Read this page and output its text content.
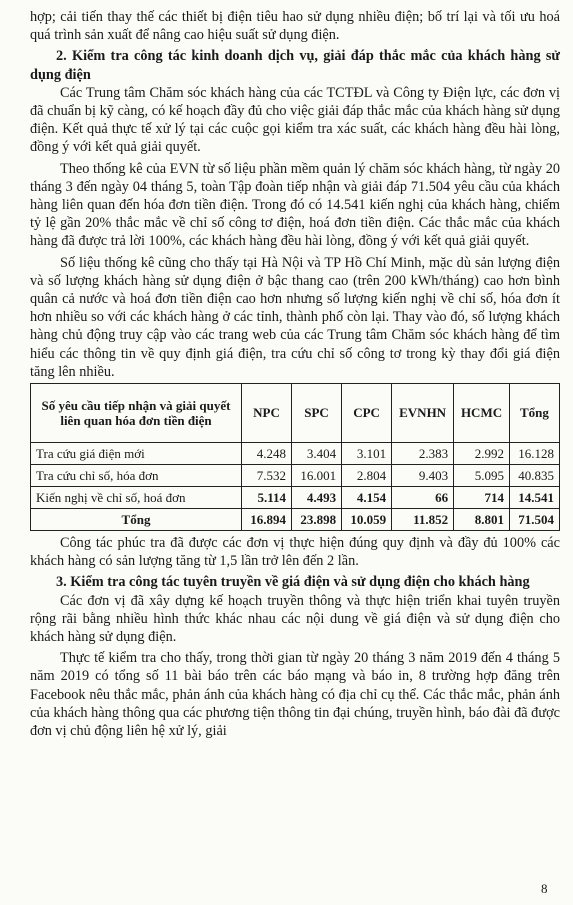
hợp; cải tiến thay thế các thiết bị điện tiêu hao sử dụng nhiều điện; bố trí lại và tối ưu hoá quá trình sản xuất để nâng cao hiệu suất sử dụng điện.

2. Kiểm tra công tác kinh doanh dịch vụ, giải đáp thắc mắc của khách hàng sử dụng điện

Các Trung tâm Chăm sóc khách hàng của các TCTĐL và Công ty Điện lực, các đơn vị đã chuẩn bị kỹ càng, có kế hoạch đầy đủ cho việc giải đáp thắc mắc của khách hàng sử dụng điện. Kết quả thực tế xử lý tại các cuộc gọi kiểm tra xác suất, các khách hàng đều hài lòng, đồng ý với kết quả giải quyết.

Theo thống kê của EVN từ số liệu phần mềm quản lý chăm sóc khách hàng, từ ngày 20 tháng 3 đến ngày 04 tháng 5, toàn Tập đoàn tiếp nhận và giải đáp 71.504 yêu cầu của khách hàng liên quan đến hóa đơn tiền điện. Trong đó có 14.541 kiến nghị của khách hàng, chiếm tỷ lệ gần 20% thắc mắc về chỉ số công tơ điện, hoá đơn tiền điện. Các thắc mắc của khách hàng đã được trả lời 100%, các khách hàng đều hài lòng, đồng ý với kết quả giải quyết.

Số liệu thống kê cũng cho thấy tại Hà Nội và TP Hồ Chí Minh, mặc dù sản lượng điện và số lượng khách hàng sử dụng điện ở bậc thang cao (trên 200 kWh/tháng) cao hơn bình quân cả nước và hoá đơn tiền điện cao hơn nhưng số lượng kiến nghị về chỉ số, hóa đơn ít hơn nhiều so với các khách hàng ở các tỉnh, thành phố còn lại. Thay vào đó, số lượng khách hàng chủ động truy cập vào các trang web của các Trung tâm Chăm sóc khách hàng để tìm hiểu các thông tin về quy định giá điện, tra cứu chỉ số công tơ trong kỳ thay đổi giá điện tăng lên nhiều.

Số yêu cầu tiếp nhận và giải quyết liên quan hóa đơn tiền điện	NPC	SPC	CPC	EVNHN	HCMC	Tổng
Tra cứu giá điện mới	4.248	3.404	3.101	2.383	2.992	16.128
Tra cứu chỉ số, hóa đơn	7.532	16.001	2.804	9.403	5.095	40.835
Kiến nghị về chỉ số, hoá đơn	5.114	4.493	4.154	66	714	14.541
Tổng	16.894	23.898	10.059	11.852	8.801	71.504

Công tác phúc tra đã được các đơn vị thực hiện đúng quy định và đầy đủ 100% các khách hàng có sản lượng tăng từ 1,5 lần trở lên đến 2 lần.

3. Kiểm tra công tác tuyên truyền về giá điện và sử dụng điện cho khách hàng

Các đơn vị đã xây dựng kế hoạch truyền thông và thực hiện triển khai tuyên truyền rộng rãi bằng nhiều hình thức khác nhau các nội dung về giá điện và sử dụng điện cho khách hàng sử dụng điện.

Thực tế kiểm tra cho thấy, trong thời gian từ ngày 20 tháng 3 năm 2019 đến 4 tháng 5 năm 2019 có tổng số 11 bài báo trên các báo mạng và báo in, 8 trường hợp đăng trên Facebook nêu thắc mắc, phản ánh của khách hàng có địa chỉ cụ thể. Các thắc mắc, phản ánh của khách hàng thông qua các phương tiện thông tin đại chúng, truyền hình, báo đài đã được đơn vị chủ động liên hệ xử lý, giải

8
